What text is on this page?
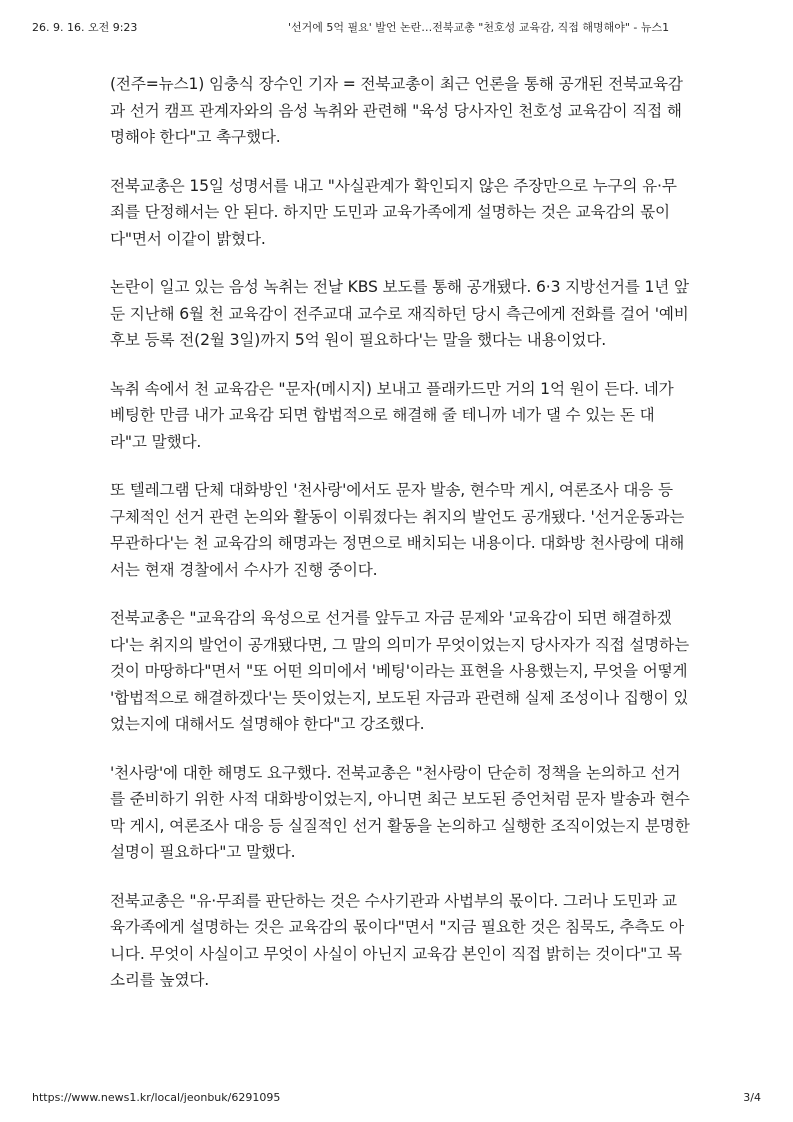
26. 9. 16. 오전 9:23	'선거에 5억 필요' 발언 논란…전북교총 "천호성 교육감, 직접 해명해야" - 뉴스1

(전주=뉴스1) 임충식 장수인 기자 = 전북교총이 최근 언론을 통해 공개된 전북교육감과 선거 캠프 관계자와의 음성 녹취와 관련해 "육성 당사자인 천호성 교육감이 직접 해명해야 한다"고 촉구했다.

전북교총은 15일 성명서를 내고 "사실관계가 확인되지 않은 주장만으로 누구의 유·무죄를 단정해서는 안 된다. 하지만 도민과 교육가족에게 설명하는 것은 교육감의 몫이다"면서 이같이 밝혔다.

논란이 일고 있는 음성 녹취는 전날 KBS 보도를 통해 공개됐다. 6·3 지방선거를 1년 앞둔 지난해 6월 천 교육감이 전주교대 교수로 재직하던 당시 측근에게 전화를 걸어 '예비후보 등록 전(2월 3일)까지 5억 원이 필요하다'는 말을 했다는 내용이었다.

녹취 속에서 천 교육감은 "문자(메시지) 보내고 플래카드만 거의 1억 원이 든다. 네가 베팅한 만큼 내가 교육감 되면 합법적으로 해결해 줄 테니까 네가 댈 수 있는 돈 대라"고 말했다.

또 텔레그램 단체 대화방인 '천사랑'에서도 문자 발송, 현수막 게시, 여론조사 대응 등 구체적인 선거 관련 논의와 활동이 이뤄졌다는 취지의 발언도 공개됐다. '선거운동과는 무관하다'는 천 교육감의 해명과는 정면으로 배치되는 내용이다. 대화방 천사랑에 대해서는 현재 경찰에서 수사가 진행 중이다.

전북교총은 "교육감의 육성으로 선거를 앞두고 자금 문제와 '교육감이 되면 해결하겠다'는 취지의 발언이 공개됐다면, 그 말의 의미가 무엇이었는지 당사자가 직접 설명하는 것이 마땅하다"면서 "또 어떤 의미에서 '베팅'이라는 표현을 사용했는지, 무엇을 어떻게 '합법적으로 해결하겠다'는 뜻이었는지, 보도된 자금과 관련해 실제 조성이나 집행이 있었는지에 대해서도 설명해야 한다"고 강조했다.

'천사랑'에 대한 해명도 요구했다. 전북교총은 "천사랑이 단순히 정책을 논의하고 선거를 준비하기 위한 사적 대화방이었는지, 아니면 최근 보도된 증언처럼 문자 발송과 현수막 게시, 여론조사 대응 등 실질적인 선거 활동을 논의하고 실행한 조직이었는지 분명한 설명이 필요하다"고 말했다.

전북교총은 "유·무죄를 판단하는 것은 수사기관과 사법부의 몫이다. 그러나 도민과 교육가족에게 설명하는 것은 교육감의 몫이다"면서 "지금 필요한 것은 침묵도, 추측도 아니다. 무엇이 사실이고 무엇이 사실이 아닌지 교육감 본인이 직접 밝히는 것이다"고 목소리를 높였다.

https://www.news1.kr/local/jeonbuk/6291095	3/4
